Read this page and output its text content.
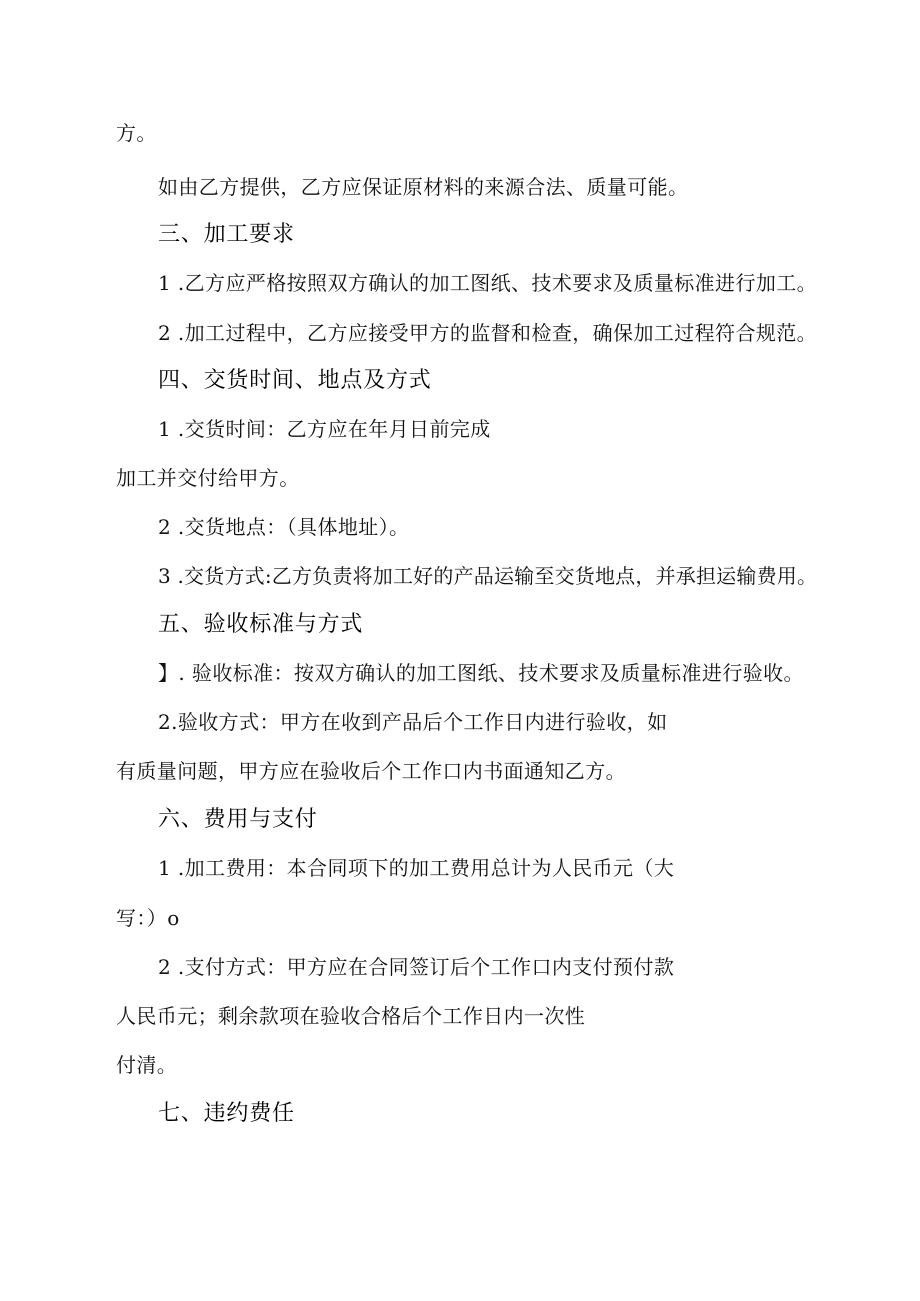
方。
如由乙方提供，乙方应保证原材料的来源合法、质量可能。
三、加工要求
1 .乙方应严格按照双方确认的加工图纸、技术要求及质量标准进行加工。
2 .加工过程中，乙方应接受甲方的监督和检查，确保加工过程符合规范。
四、交货时间、地点及方式
1 .交货时间：乙方应在年月日前完成
加工并交付给甲方。
2 .交货地点：（具体地址）。
3 .交货方式:乙方负责将加工好的产品运输至交货地点，并承担运输费用。
五、验收标准与方式
】. 验收标准：按双方确认的加工图纸、技术要求及质量标准进行验收。
2.验收方式：甲方在收到产品后个工作日内进行验收，如
有质量问题，甲方应在验收后个工作口内书面通知乙方。
六、费用与支付
1 .加工费用：本合同项下的加工费用总计为人民币元（大
写：）o
2 .支付方式：甲方应在合同签订后个工作口内支付预付款
人民币元；剩余款项在验收合格后个工作日内一次性
付清。
七、违约费任
